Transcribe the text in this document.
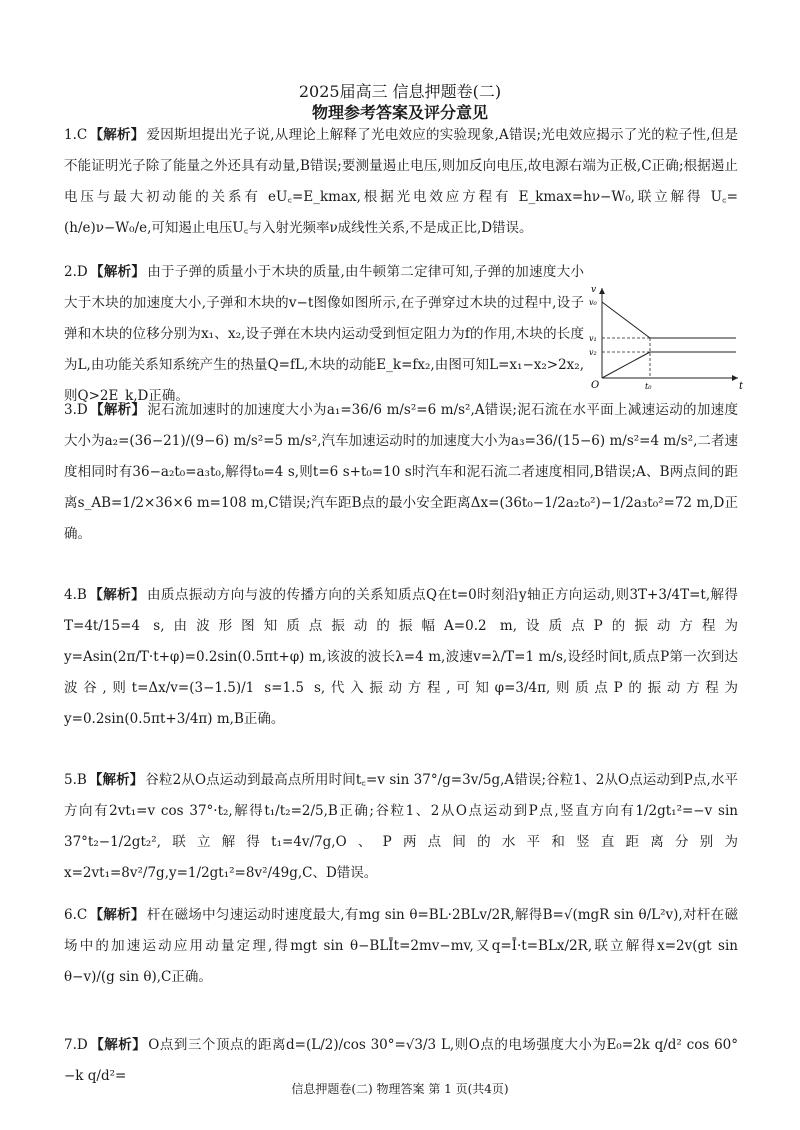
2025届高三 信息押题卷(二)
物理参考答案及评分意见
1.C 【解析】 爱因斯坦提出光子说,从理论上解释了光电效应的实验现象,A错误;光电效应揭示了光的粒子性,但是不能证明光子除了能量之外还具有动量,B错误;要测量遏止电压,则加反向电压,故电源右端为正极,C正确;根据遏止电压与最大初动能的关系有 eU꜀=E_kmax,根据光电效应方程有 E_kmax=hν−W₀,联立解得 U꜀=(h/e)ν−W₀/e,可知遏止电压U꜀与入射光频率ν成线性关系,不是成正比,D错误。
2.D 【解析】 由于子弹的质量小于木块的质量,由牛顿第二定律可知,子弹的加速度大小大于木块的加速度大小,子弹和木块的v−t图像如图所示,在子弹穿过木块的过程中,设子弹和木块的位移分别为x₁、x₂,设子弹在木块内运动受到恒定阻力为f的作用,木块的长度为L,由功能关系知系统产生的热量Q=fL,木块的动能E_k=fx₂,由图可知L=x₁−x₂>2x₂,则Q>2E_k,D正确。
v
v₀
v₁
v₂
O	t₀	t
3.D 【解析】 泥石流加速时的加速度大小为a₁=36/6 m/s²=6 m/s²,A错误;泥石流在水平面上减速运动的加速度大小为a₂=(36−21)/(9−6) m/s²=5 m/s²,汽车加速运动时的加速度大小为a₃=36/(15−6) m/s²=4 m/s²,二者速度相同时有36−a₂t₀=a₃t₀,解得t₀=4 s,则t=6 s+t₀=10 s时汽车和泥石流二者速度相同,B错误;A、B两点间的距离s_AB=1/2×36×6 m=108 m,C错误;汽车距B点的最小安全距离Δx=(36t₀−1/2a₂t₀²)−1/2a₃t₀²=72 m,D正确。
4.B 【解析】 由质点振动方向与波的传播方向的关系知质点Q在t=0时刻沿y轴正方向运动,则3T+3/4T=t,解得T=4t/15=4 s,由波形图知质点振动的振幅A=0.2 m,设质点P的振动方程为y=Asin(2π/T·t+φ)=0.2sin(0.5πt+φ) m,该波的波长λ=4 m,波速v=λ/T=1 m/s,设经时间t,质点P第一次到达波谷,则t=Δx/v=(3−1.5)/1 s=1.5 s,代入振动方程,可知φ=3/4π,则质点P的振动方程为y=0.2sin(0.5πt+3/4π) m,B正确。
5.B 【解析】 谷粒2从O点运动到最高点所用时间t꜀=v sin 37°/g=3v/5g,A错误;谷粒1、2从O点运动到P点,水平方向有2vt₁=v cos 37°·t₂,解得t₁/t₂=2/5,B正确;谷粒1、2从O点运动到P点,竖直方向有1/2gt₁²=−v sin 37°t₂−1/2gt₂²,联立解得t₁=4v/7g,O、P两点间的水平和竖直距离分别为x=2vt₁=8v²/7g,y=1/2gt₁²=8v²/49g,C、D错误。
6.C 【解析】 杆在磁场中匀速运动时速度最大,有mg sin θ=BL·2BLv/2R,解得B=√(mgR sin θ/L²v),对杆在磁场中的加速运动应用动量定理,得mgt sin θ−BLĪt=2mv−mv,又q=Ī·t=BLx/2R,联立解得x=2v(gt sin θ−v)/(g sin θ),C正确。
7.D 【解析】 O点到三个顶点的距离d=(L/2)/cos 30°=√3/3 L,则O点的电场强度大小为E₀=2k q/d² cos 60°−k q/d²=
信息押题卷(二) 物理答案 第 1 页(共4页)
